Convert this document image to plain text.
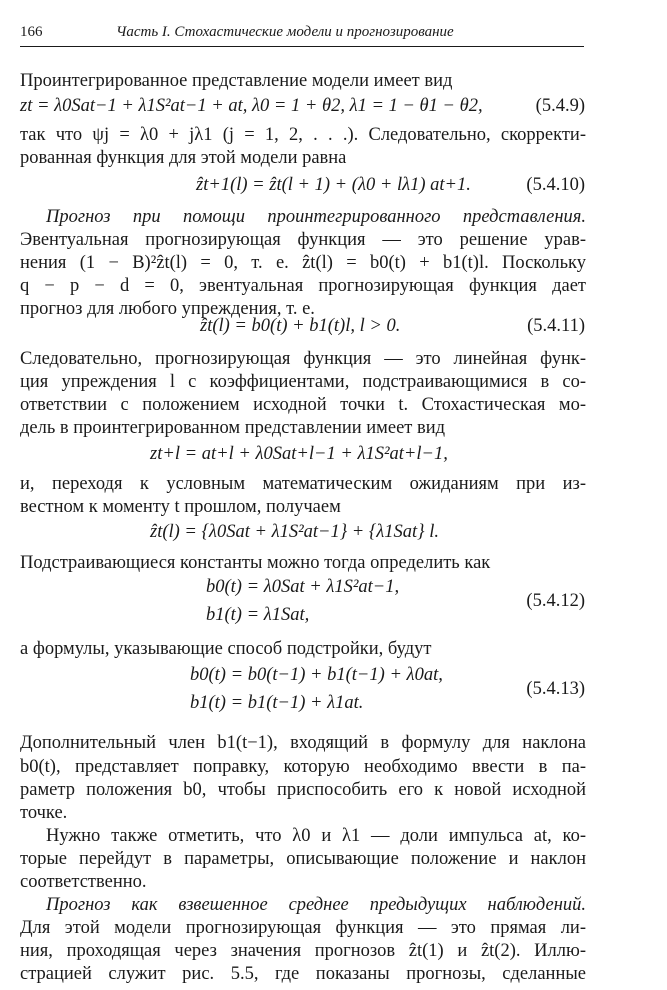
166	Часть I. Стохастические модели и прогнозирование
Проинтегрированное представление модели имеет вид
zt = λ0Sat−1 + λ1S²at−1 + at, λ0 = 1 + θ2, λ1 = 1 − θ1 − θ2,	(5.4.9)
так что ψj = λ0 + jλ1 (j = 1, 2, . . .). Следовательно, скорректи-
рованная функция для этой модели равна
ẑt+1(l) = ẑt(l + 1) + (λ0 + lλ1) at+1.	(5.4.10)
Прогноз при помощи проинтегрированного представления.
Эвентуальная прогнозирующая функция — это решение урав-
нения (1 − B)²ẑt(l) = 0, т. е. ẑt(l) = b0(t) + b1(t)l. Поскольку
q − p − d = 0, эвентуальная прогнозирующая функция дает
прогноз для любого упреждения, т. е.
ẑt(l) = b0(t) + b1(t)l, l > 0.	(5.4.11)
Следовательно, прогнозирующая функция — это линейная функ-
ция упреждения l с коэффициентами, подстраивающимися в со-
ответствии с положением исходной точки t. Стохастическая мо-
дель в проинтегрированном представлении имеет вид
zt+l = at+l + λ0Sat+l−1 + λ1S²at+l−1,
и, переходя к условным математическим ожиданиям при из-
вестном к моменту t прошлом, получаем
ẑt(l) = {λ0Sat + λ1S²at−1} + {λ1Sat} l.
Подстраивающиеся константы можно тогда определить как
b0(t) = λ0Sat + λ1S²at−1,
b1(t) = λ1Sat,
(5.4.12)
а формулы, указывающие способ подстройки, будут
b0(t) = b0(t−1) + b1(t−1) + λ0at,
b1(t) = b1(t−1) + λ1at.
(5.4.13)
Дополнительный член b1(t−1), входящий в формулу для наклона
b0(t), представляет поправку, которую необходимо ввести в па-
раметр положения b0, чтобы приспособить его к новой исходной
точке.
Нужно также отметить, что λ0 и λ1 — доли импульса at, ко-
торые перейдут в параметры, описывающие положение и наклон
соответственно.
Прогноз как взвешенное среднее предыдущих наблюдений.
Для этой модели прогнозирующая функция — это прямая ли-
ния, проходящая через значения прогнозов ẑt(1) и ẑt(2). Иллю-
страцией служит рис. 5.5, где показаны прогнозы, сделанные
